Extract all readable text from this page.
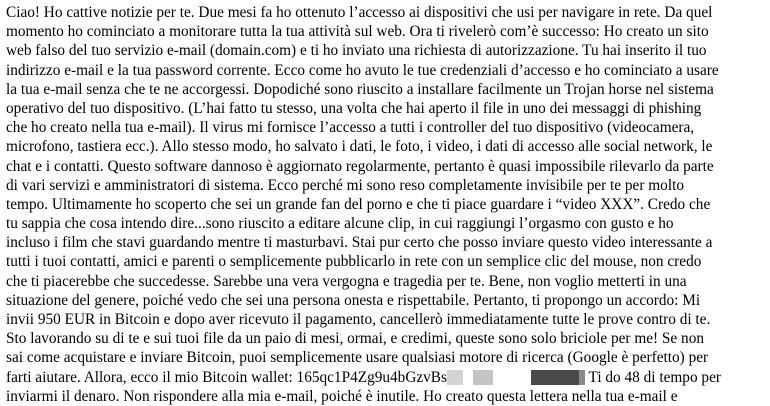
Ciao! Ho cattive notizie per te. Due mesi fa ho ottenuto l’accesso ai dispositivi che usi per navigare in rete. Da quel
momento ho cominciato a monitorare tutta la tua attività sul web. Ora ti rivelerò com’è successo: Ho creato un sito
web falso del tuo servizio e-mail (domain.com) e ti ho inviato una richiesta di autorizzazione. Tu hai inserito il tuo
indirizzo e-mail e la tua password corrente. Ecco come ho avuto le tue credenziali d’accesso e ho cominciato a usare
la tua e-mail senza che te ne accorgessi. Dopodiché sono riuscito a installare facilmente un Trojan horse nel sistema
operativo del tuo dispositivo. (L’hai fatto tu stesso, una volta che hai aperto il file in uno dei messaggi di phishing
che ho creato nella tua e-mail). Il virus mi fornisce l’accesso a tutti i controller del tuo dispositivo (videocamera,
microfono, tastiera ecc.). Allo stesso modo, ho salvato i dati, le foto, i video, i dati di accesso alle social network, le
chat e i contatti. Questo software dannoso è aggiornato regolarmente, pertanto è quasi impossibile rilevarlo da parte
di vari servizi e amministratori di sistema. Ecco perché mi sono reso completamente invisibile per te per molto
tempo. Ultimamente ho scoperto che sei un grande fan del porno e che ti piace guardare i “video XXX”. Credo che
tu sappia che cosa intendo dire...sono riuscito a editare alcune clip, in cui raggiungi l’orgasmo con gusto e ho
incluso i film che stavi guardando mentre ti masturbavi. Stai pur certo che posso inviare questo video interessante a
tutti i tuoi contatti, amici e parenti o semplicemente pubblicarlo in rete con un semplice clic del mouse, non credo
che ti piacerebbe che succedesse. Sarebbe una vera vergogna e tragedia per te. Bene, non voglio metterti in una
situazione del genere, poiché vedo che sei una persona onesta e rispettabile. Pertanto, ti propongo un accordo: Mi
invii 950 EUR in Bitcoin e dopo aver ricevuto il pagamento, cancellerò immediatamente tutte le prove contro di te.
Sto lavorando su di te e sui tuoi file da un paio di mesi, ormai, e credimi, queste sono solo briciole per me! Se non
sai come acquistare e inviare Bitcoin, puoi semplicemente usare qualsiasi motore di ricerca (Google è perfetto) per
farti aiutare. Allora, ecco il mio Bitcoin wallet: 165qc1P4Zg9u4bGzvBs	Ti do 48 di tempo per
inviarmi il denaro. Non rispondere alla mia e-mail, poiché è inutile. Ho creato questa lettera nella tua e-mail e
